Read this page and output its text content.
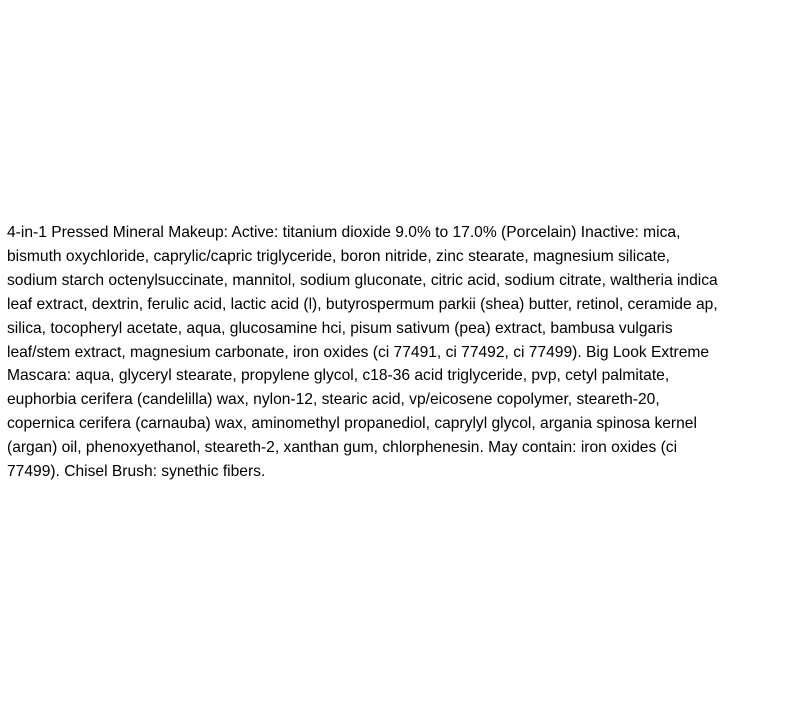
4-in-1 Pressed Mineral Makeup: Active: titanium dioxide 9.0% to 17.0% (Porcelain) Inactive: mica,
bismuth oxychloride, caprylic/capric triglyceride, boron nitride, zinc stearate, magnesium silicate,
sodium starch octenylsuccinate, mannitol, sodium gluconate, citric acid, sodium citrate, waltheria indica
leaf extract, dextrin, ferulic acid, lactic acid (l), butyrospermum parkii (shea) butter, retinol, ceramide ap,
silica, tocopheryl acetate, aqua, glucosamine hci, pisum sativum (pea) extract, bambusa vulgaris
leaf/stem extract, magnesium carbonate, iron oxides (ci 77491, ci 77492, ci 77499). Big Look Extreme
Mascara: aqua, glyceryl stearate, propylene glycol, c18-36 acid triglyceride, pvp, cetyl palmitate,
euphorbia cerifera (candelilla) wax, nylon-12, stearic acid, vp/eicosene copolymer, steareth-20,
copernica cerifera (carnauba) wax, aminomethyl propanediol, caprylyl glycol, argania spinosa kernel
(argan) oil, phenoxyethanol, steareth-2, xanthan gum, chlorphenesin. May contain: iron oxides (ci
77499). Chisel Brush: synethic fibers.
